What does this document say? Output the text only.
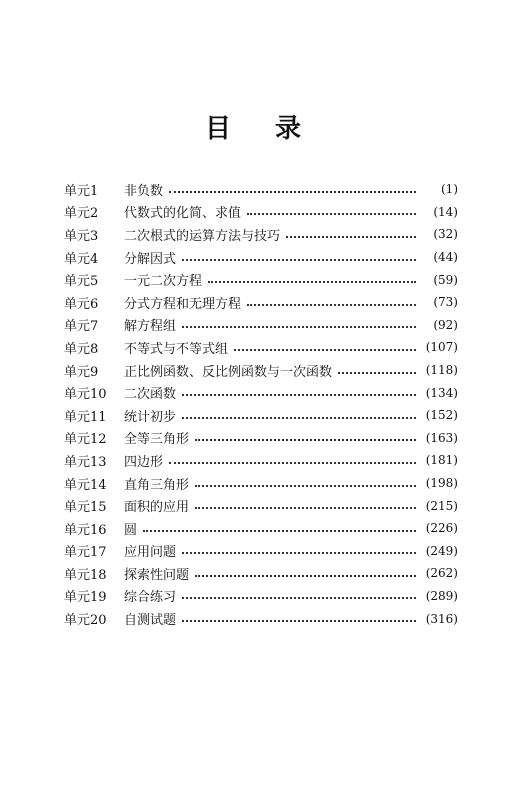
目 录
单元1	非负数	(1)
单元2	代数式的化简、求值	(14)
单元3	二次根式的运算方法与技巧	(32)
单元4	分解因式	(44)
单元5	一元二次方程	(59)
单元6	分式方程和无理方程	(73)
单元7	解方程组	(92)
单元8	不等式与不等式组	(107)
单元9	正比例函数、反比例函数与一次函数	(118)
单元10	二次函数	(134)
单元11	统计初步	(152)
单元12	全等三角形	(163)
单元13	四边形	(181)
单元14	直角三角形	(198)
单元15	面积的应用	(215)
单元16	圆	(226)
单元17	应用问题	(249)
单元18	探索性问题	(262)
单元19	综合练习	(289)
单元20	自测试题	(316)
